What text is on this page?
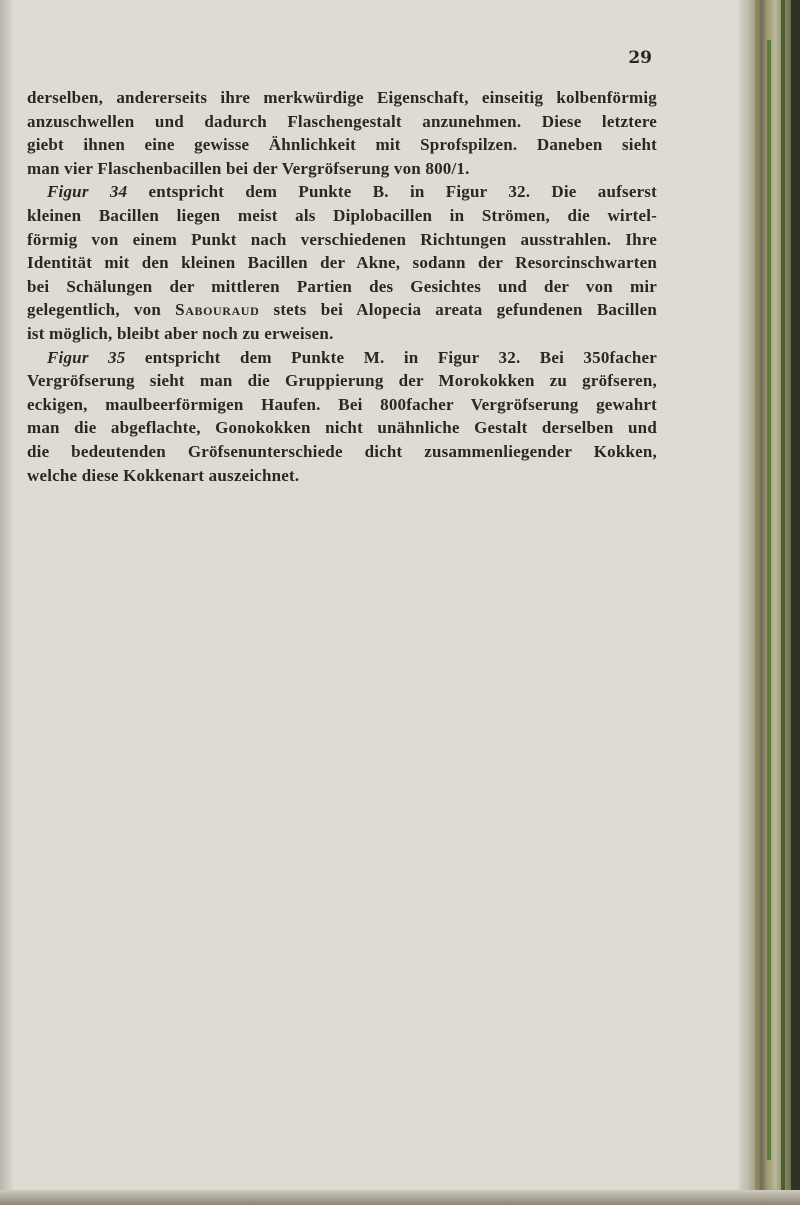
29
derselben, andererseits ihre merkwürdige Eigenschaft, einseitig kolbenförmig
anzuschwellen und dadurch Flaschengestalt anzunehmen. Diese letztere
giebt ihnen eine gewisse Ähnlichkeit mit Sprofspilzen. Daneben sieht
man vier Flaschenbacillen bei der Vergröfserung von 800/1.
Figur 34 entspricht dem Punkte B. in Figur 32. Die aufserst
kleinen Bacillen liegen meist als Diplobacillen in Strömen, die wirtel-
förmig von einem Punkt nach verschiedenen Richtungen ausstrahlen. Ihre
Identität mit den kleinen Bacillen der Akne, sodann der Resorcinschwarten
bei Schälungen der mittleren Partien des Gesichtes und der von mir
gelegentlich, von Sabouraud stets bei Alopecia areata gefundenen Bacillen
ist möglich, bleibt aber noch zu erweisen.
Figur 35 entspricht dem Punkte M. in Figur 32. Bei 350facher
Vergröfserung sieht man die Gruppierung der Morokokken zu gröfseren,
eckigen, maulbeerförmigen Haufen. Bei 800facher Vergröfserung gewahrt
man die abgeflachte, Gonokokken nicht unähnliche Gestalt derselben und
die bedeutenden Gröfsenunterschiede dicht zusammenliegender Kokken,
welche diese Kokkenart auszeichnet.
